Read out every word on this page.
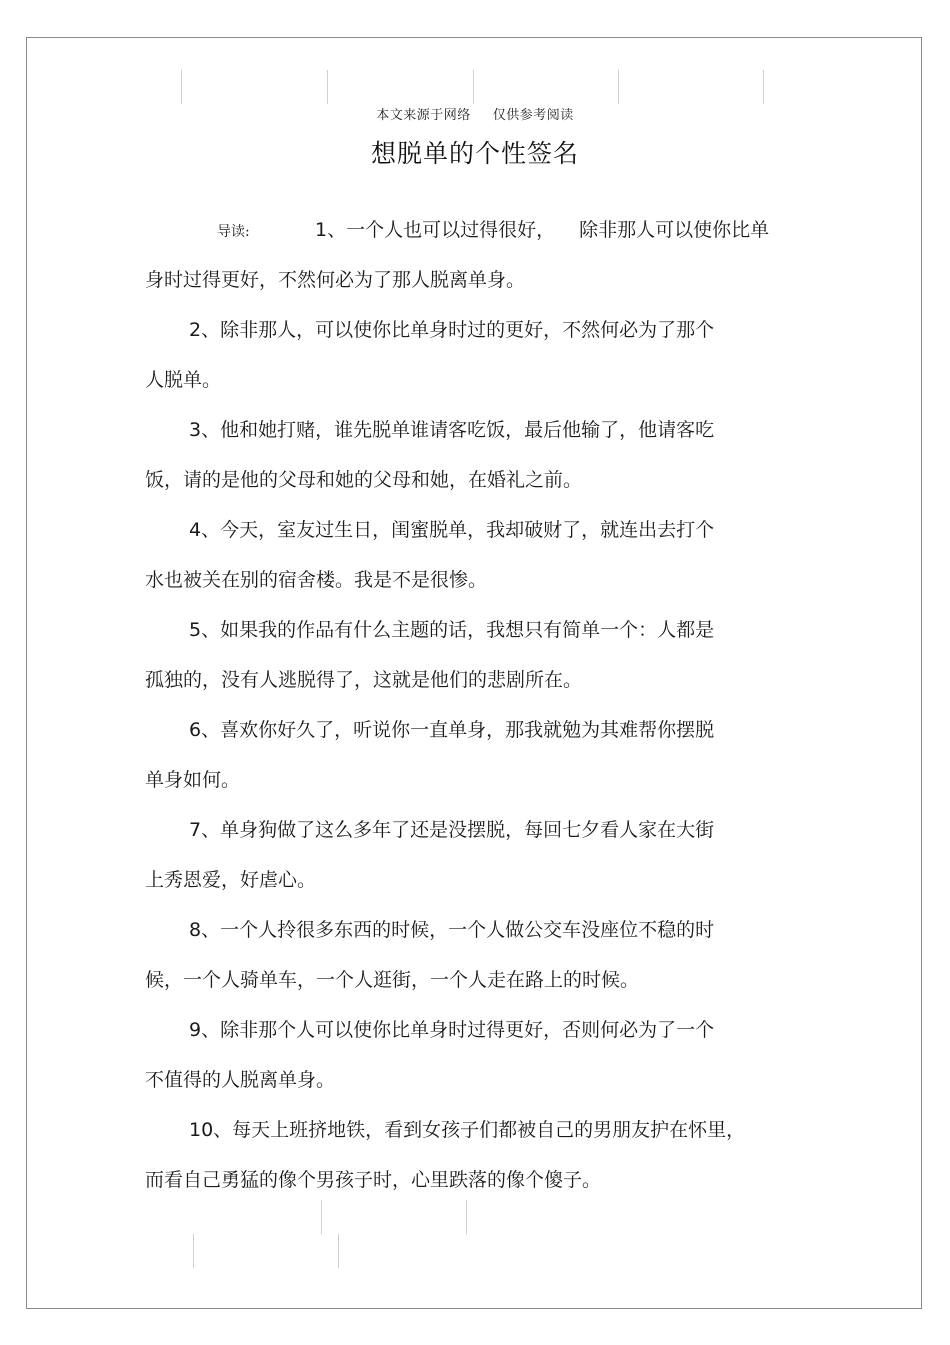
本文来源于网络 仅供参考阅读
想脱单的个性签名
导读:	1、一个人也可以过得很好， 除非那人可以使你比单
身时过得更好，不然何必为了那人脱离单身。
2、除非那人，可以使你比单身时过的更好，不然何必为了那个
人脱单。
3、他和她打赌，谁先脱单谁请客吃饭，最后他输了，他请客吃
饭，请的是他的父母和她的父母和她，在婚礼之前。
4、今天，室友过生日，闺蜜脱单，我却破财了，就连出去打个
水也被关在别的宿舍楼。我是不是很惨。
5、如果我的作品有什么主题的话，我想只有简单一个：人都是
孤独的，没有人逃脱得了，这就是他们的悲剧所在。
6、喜欢你好久了，听说你一直单身，那我就勉为其难帮你摆脱
单身如何。
7、单身狗做了这么多年了还是没摆脱，每回七夕看人家在大街
上秀恩爱，好虐心。
8、一个人拎很多东西的时候，一个人做公交车没座位不稳的时
候，一个人骑单车，一个人逛街，一个人走在路上的时候。
9、除非那个人可以使你比单身时过得更好，否则何必为了一个
不值得的人脱离单身。
10、每天上班挤地铁，看到女孩子们都被自己的男朋友护在怀里，
而看自己勇猛的像个男孩子时，心里跌落的像个傻子。
